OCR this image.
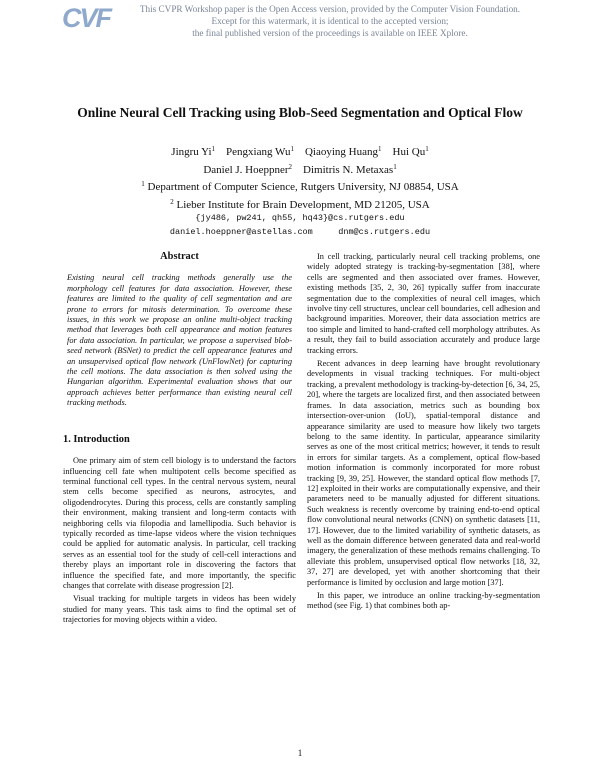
CVF	This CVPR Workshop paper is the Open Access version, provided by the Computer Vision Foundation.
Except for this watermark, it is identical to the accepted version;
the final published version of the proceedings is available on IEEE Xplore.
Online Neural Cell Tracking using Blob-Seed Segmentation and Optical Flow
Jingru Yi$^1$ Pengxiang Wu$^1$ Qiaoying Huang$^1$ Hui Qu$^1$
Daniel J. Hoeppner$^2$ Dimitris N. Metaxas$^1$
$^1$ Department of Computer Science, Rutgers University, NJ 08854, USA
$^2$ Lieber Institute for Brain Development, MD 21205, USA
{jy486, pw241, qh55, hq43}@cs.rutgers.edu
daniel.hoeppner@astellas.com     dnm@cs.rutgers.edu
Abstract
Existing neural cell tracking methods generally use the morphology cell features for data association. However, these features are limited to the quality of cell segmentation and are prone to errors for mitosis determination. To overcome these issues, in this work we propose an online multi-object tracking method that leverages both cell appearance and motion features for data association. In particular, we propose a supervised blob-seed network (BSNet) to predict the cell appearance features and an unsupervised optical flow network (UnFlowNet) for capturing the cell motions. The data association is then solved using the Hungarian algorithm. Experimental evaluation shows that our approach achieves better performance than existing neural cell tracking methods.
1. Introduction

One primary aim of stem cell biology is to understand the factors influencing cell fate when multipotent cells become specified as terminal functional cell types. In the central nervous system, neural stem cells become specified as neurons, astrocytes, and oligodendrocytes. During this process, cells are constantly sampling their environment, making transient and long-term contacts with neighboring cells via filopodia and lamellipodia. Such behavior is typically recorded as time-lapse videos where the vision techniques could be applied for automatic analysis. In particular, cell tracking serves as an essential tool for the study of cell-cell interactions and thereby plays an important role in discovering the factors that influence the specified fate, and more importantly, the specific changes that correlate with disease progression [2].

Visual tracking for multiple targets in videos has been widely studied for many years. This task aims to find the optimal set of trajectories for moving objects within a video.

In cell tracking, particularly neural cell tracking problems, one widely adopted strategy is tracking-by-segmentation [38], where cells are segmented and then associated over frames. However, existing methods [35, 2, 30, 26] typically suffer from inaccurate segmentation due to the complexities of neural cell images, which involve tiny cell structures, unclear cell boundaries, cell adhesion and background imparities. Moreover, their data association metrics are too simple and limited to hand-crafted cell morphology attributes. As a result, they fail to build association accurately and produce large tracking errors.

Recent advances in deep learning have brought revolutionary developments in visual tracking techniques. For multi-object tracking, a prevalent methodology is tracking-by-detection [6, 34, 25, 20], where the targets are localized first, and then associated between frames. In data association, metrics such as bounding box intersection-over-union (IoU), spatial-temporal distance and appearance similarity are used to measure how likely two targets belong to the same identity. In particular, appearance similarity serves as one of the most critical metrics; however, it tends to result in errors for similar targets. As a complement, optical flow-based motion information is commonly incorporated for more robust tracking [9, 39, 25]. However, the standard optical flow methods [7, 12] exploited in their works are computationally expensive, and their parameters need to be manually adjusted for different situations. Such weakness is recently overcome by training end-to-end optical flow convolutional neural networks (CNN) on synthetic datasets [11, 17]. However, due to the limited variability of synthetic datasets, as well as the domain difference between generated data and real-world imagery, the generalization of these methods remains challenging. To alleviate this problem, unsupervised optical flow networks [18, 32, 37, 27] are developed, yet with another shortcoming that their performance is limited by occlusion and large motion [37].

In this paper, we introduce an online tracking-by-segmentation method (see Fig. 1) that combines both ap-

1
